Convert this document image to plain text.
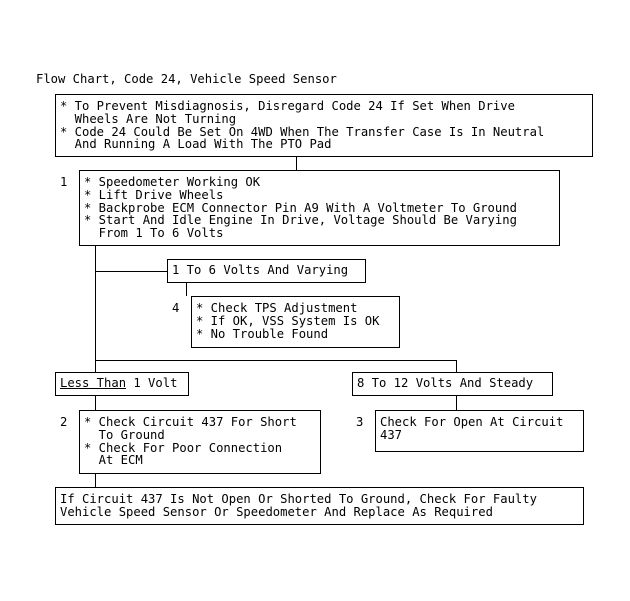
Flow Chart, Code 24, Vehicle Speed Sensor
* To Prevent Misdiagnosis, Disregard Code 24 If Set When Drive
Wheels Are Not Turning
* Code 24 Could Be Set On 4WD When The Transfer Case Is In Neutral
And Running A Load With The PTO Pad
1 * Speedometer Working OK
* Lift Drive Wheels
* Backprobe ECM Connector Pin A9 With A Voltmeter To Ground
* Start And Idle Engine In Drive, Voltage Should Be Varying
From 1 To 6 Volts
1 To 6 Volts And Varying
4 * Check TPS Adjustment
* If OK, VSS System Is OK
* No Trouble Found
Less Than 1 Volt	8 To 12 Volts And Steady
2 * Check Circuit 437 For Short
To Ground
* Check For Poor Connection
At ECM
3 Check For Open At Circuit
437
If Circuit 437 Is Not Open Or Shorted To Ground, Check For Faulty
Vehicle Speed Sensor Or Speedometer And Replace As Required
